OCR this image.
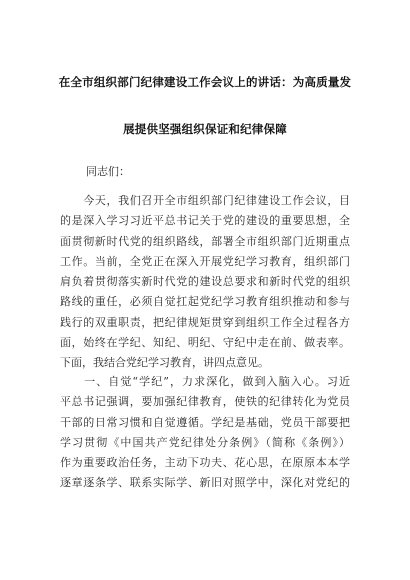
在全市组织部门纪律建设工作会议上的讲话：为高质量发
展提供坚强组织保证和纪律保障

同志们：

　　今天，我们召开全市组织部门纪律建设工作会议，目
的是深入学习习近平总书记关于党的建设的重要思想，全
面贯彻新时代党的组织路线，部署全市组织部门近期重点
工作。当前，全党正在深入开展党纪学习教育，组织部门
肩负着贯彻落实新时代党的建设总要求和新时代党的组织
路线的重任，必须自觉扛起党纪学习教育组织推动和参与
践行的双重职责，把纪律规矩贯穿到组织工作全过程各方
面，始终在学纪、知纪、明纪、守纪中走在前、做表率。
下面，我结合党纪学习教育，讲四点意见。
　　一、自觉“学纪”，力求深化，做到入脑入心。习近
平总书记强调，要加强纪律教育，使铁的纪律转化为党员
干部的日常习惯和自觉遵循。学纪是基础，党员干部要把
学习贯彻《中国共产党纪律处分条例》（简称《条例》）
作为重要政治任务，主动下功夫、花心思，在原原本本学
逐章逐条学、联系实际学、新旧对照学中，深化对党纪的
